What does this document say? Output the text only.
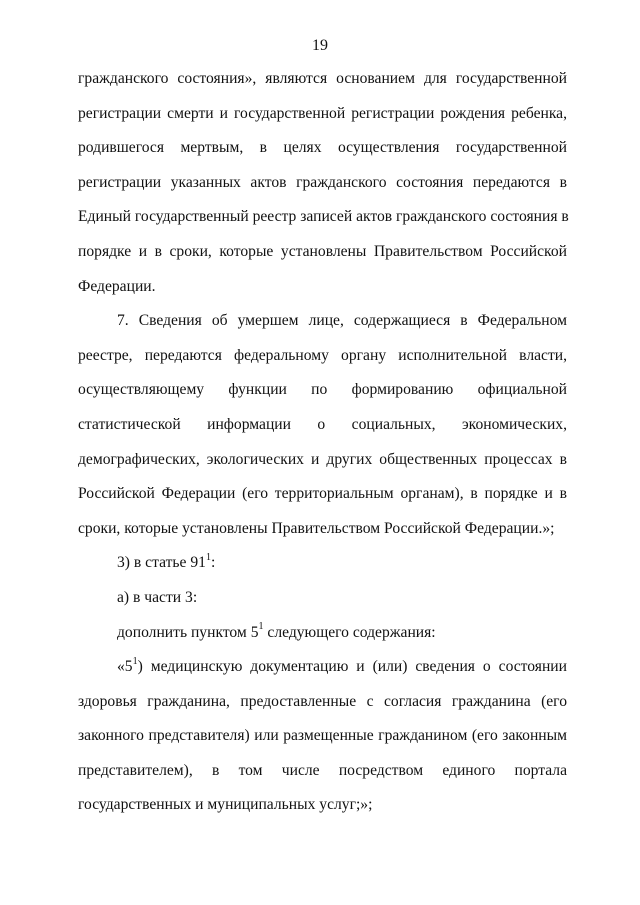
19
гражданского состояния», являются основанием для государственной
регистрации смерти и государственной регистрации рождения ребенка,
родившегося мертвым, в целях осуществления государственной
регистрации указанных актов гражданского состояния передаются в
Единый государственный реестр записей актов гражданского состояния в
порядке и в сроки, которые установлены Правительством Российской
Федерации.
7. Сведения об умершем лице, содержащиеся в Федеральном
реестре, передаются федеральному органу исполнительной власти,
осуществляющему функции по формированию официальной
статистической информации о социальных, экономических,
демографических, экологических и других общественных процессах в
Российской Федерации (его территориальным органам), в порядке и в
сроки, которые установлены Правительством Российской Федерации.»;
3) в статье $91^1$:
а) в части 3:
дополнить пунктом $5^1$ следующего содержания:
«$5^1$) медицинскую документацию и (или) сведения о состоянии
здоровья гражданина, предоставленные с согласия гражданина (его
законного представителя) или размещенные гражданином (его законным
представителем), в том числе посредством единого портала
государственных и муниципальных услуг;»;
